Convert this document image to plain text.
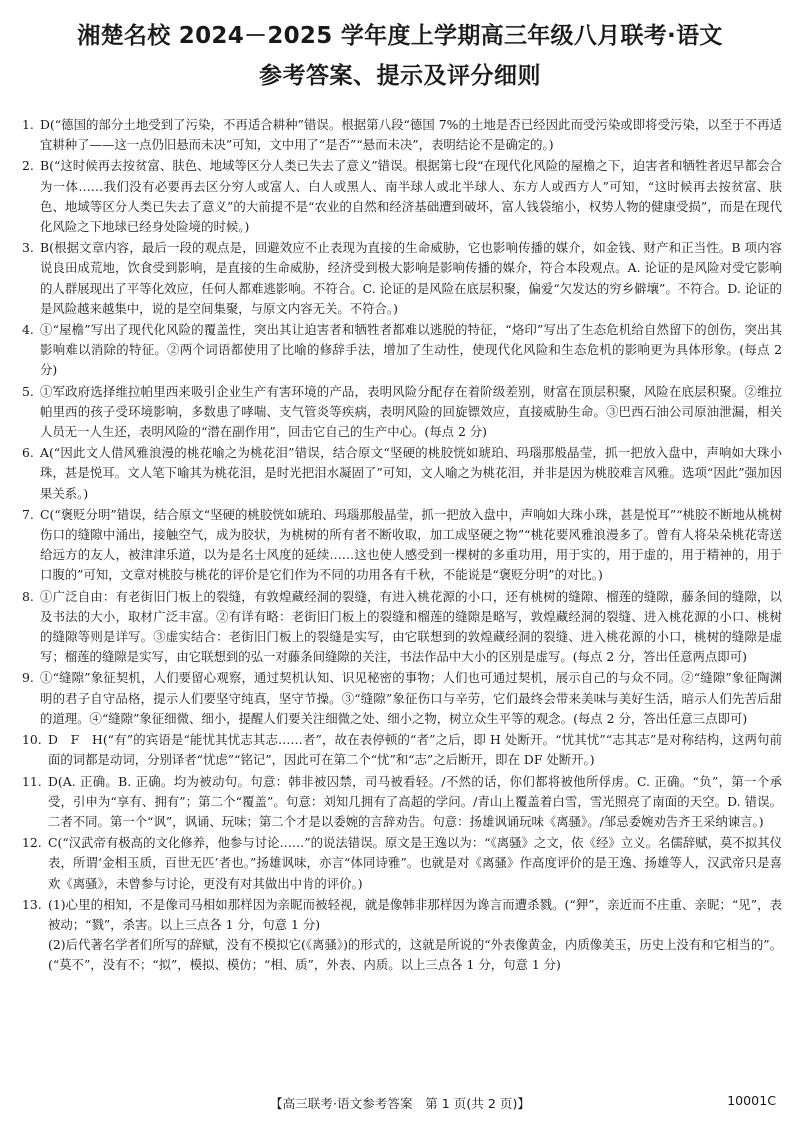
湘楚名校 2024－2025 学年度上学期高三年级八月联考·语文
参考答案、提示及评分细则
1. D(“德国的部分土地受到了污染，不再适合耕种”错误。根据第八段“德国 7%的土地是否已经因此而受污染或即将受污染，以至于不再适宜耕种了——这一点仍旧悬而未决”可知，文中用了“是否”“悬而未决”，表明结论不是确定的。)
2. B(“这时候再去按贫富、肤色、地域等区分人类已失去了意义”错误。根据第七段“在现代化风险的屋檐之下，迫害者和牺牲者迟早都会合为一体……我们没有必要再去区分穷人或富人、白人或黑人、南半球人或北半球人、东方人或西方人”可知，“这时候再去按贫富、肤色、地域等区分人类已失去了意义”的大前提不是“农业的自然和经济基础遭到破坏，富人钱袋缩小，权势人物的健康受损”，而是在现代化风险之下地球已经身处险境的时候。)
3. B(根据文章内容，最后一段的观点是，回避效应不止表现为直接的生命威胁，它也影响传播的媒介，如金钱、财产和正当性。B 项内容说良田成荒地，饮食受到影响，是直接的生命威胁，经济受到极大影响是影响传播的媒介，符合本段观点。A. 论证的是风险对受它影响的人群展现出了平等化效应，任何人都难逃影响。不符合。C. 论证的是风险在底层积聚，偏爱“欠发达的穷乡僻壤”。不符合。D. 论证的是风险越来越集中，说的是空间集聚，与原文内容无关。不符合。)
4. ①“屋檐”写出了现代化风险的覆盖性，突出其让迫害者和牺牲者都难以逃脱的特征，“烙印”写出了生态危机给自然留下的创伤，突出其影响难以消除的特征。②两个词语都使用了比喻的修辞手法，增加了生动性，使现代化风险和生态危机的影响更为具体形象。(每点 2 分)
5. ①军政府选择维拉帕里西来吸引企业生产有害环境的产品，表明风险分配存在着阶级差别，财富在顶层积聚，风险在底层积聚。②维拉帕里西的孩子受环境影响，多数患了哮喘、支气管炎等疾病，表明风险的回旋镖效应，直接威胁生命。③巴西石油公司原油泄漏，相关人员无一人生还，表明风险的“潜在副作用”，回击它自己的生产中心。(每点 2 分)
6. A(“因此文人借风雅浪漫的桃花喻之为桃花泪”错误，结合原文“坚硬的桃胶恍如琥珀、玛瑙那般晶莹，抓一把放入盘中，声响如大珠小珠，甚是悦耳。文人笔下喻其为桃花泪，是时光把泪水凝固了”可知，文人喻之为桃花泪，并非是因为桃胶难言风雅。选项“因此”强加因果关系。)
7. C(“褒贬分明”错误，结合原文“坚硬的桃胶恍如琥珀、玛瑙那般晶莹，抓一把放入盘中，声响如大珠小珠，甚是悦耳”“桃胶不断地从桃树伤口的缝隙中涌出，接触空气，成为胶状，为桃树的所有者不断收取，加工成坚硬之物”“桃花要风雅浪漫多了。曾有人将朵朵桃花寄送给远方的友人，被津津乐道，以为是名士风度的延续……这也使人感受到一棵树的多重功用，用于实的，用于虚的，用于精神的，用于口腹的”可知，文章对桃胶与桃花的评价是它们作为不同的功用各有千秋，不能说是“褒贬分明”的对比。)
8. ①广泛自由：有老街旧门板上的裂缝，有敦煌藏经洞的裂缝，有进入桃花源的小口，还有桃树的缝隙、榴莲的缝隙，藤条间的缝隙，以及书法的大小，取材广泛丰富。②有详有略：老街旧门板上的裂缝和榴莲的缝隙是略写，敦煌藏经洞的裂缝、进入桃花源的小口、桃树的缝隙等则是详写。③虚实结合：老街旧门板上的裂缝是实写，由它联想到的敦煌藏经洞的裂缝、进入桃花源的小口，桃树的缝隙是虚写；榴莲的缝隙是实写，由它联想到的弘一对藤条间缝隙的关注，书法作品中大小的区别是虚写。(每点 2 分，答出任意两点即可)
9. ①“缝隙”象征契机，人们要留心观察，通过契机认知、识见秘密的事物；人们也可通过契机，展示自己的与众不同。②“缝隙”象征陶渊明的君子自守品格，提示人们要坚守纯真，坚守节操。③“缝隙”象征伤口与辛劳，它们最终会带来美味与美好生活，暗示人们先苦后甜的道理。④“缝隙”象征细微、细小，提醒人们要关注细微之处、细小之物，树立众生平等的观念。(每点 2 分，答出任意三点即可)
10. D　F　H(“有”的宾语是“能忧其忧志其志……者”，故在表停顿的“者”之后，即 H 处断开。“忧其忧”“志其志”是对称结构，这两句前面的词都是动词，分别译者“忧虑”“铭记”，因此可在第二个“忧”和“志”之后断开，即在 DF 处断开。)
11. D(A. 正确。B. 正确。均为被动句。句意：韩非被囚禁，司马被看轻。/不然的话，你们都将被他所俘虏。C. 正确。“负”，第一个承受，引申为“享有、拥有”；第二个“覆盖”。句意：刘知几拥有了高超的学问。/青山上覆盖着白雪，雪光照亮了南面的天空。D. 错误。二者不同。第一个“讽”，讽诵、玩味；第二个才是以委婉的言辞劝告。句意：扬雄讽诵玩味《离骚》。/邹忌委婉劝告齐王采纳谏言。)
12. C(“汉武帝有极高的文化修养，他参与讨论……”的说法错误。原文是王逸以为：“《离骚》之文，依《经》立义。名儒辞赋，莫不拟其仪表，所谓‘金相玉质，百世无匹’者也。”扬雄讽味，亦言“体同诗雅”。也就是对《离骚》作高度评价的是王逸、扬雄等人，汉武帝只是喜欢《离骚》，未曾参与讨论，更没有对其做出中肯的评价。)
13. (1)心里的相知，不是像司马相如那样因为亲昵而被轻视，就是像韩非那样因为谗言而遭杀戮。(“狎”，亲近而不庄重、亲昵；“见”，表被动；“戮”，杀害。以上三点各 1 分，句意 1 分)
(2)后代著名学者们所写的辞赋，没有不模拟它(《离骚》)的形式的，这就是所说的“外表像黄金，内质像美玉，历史上没有和它相当的”。(“莫不”，没有不；“拟”，模拟、模仿；“相、质”，外表、内质。以上三点各 1 分，句意 1 分)
【高三联考·语文参考答案　第 1 页(共 2 页)】	10001C
